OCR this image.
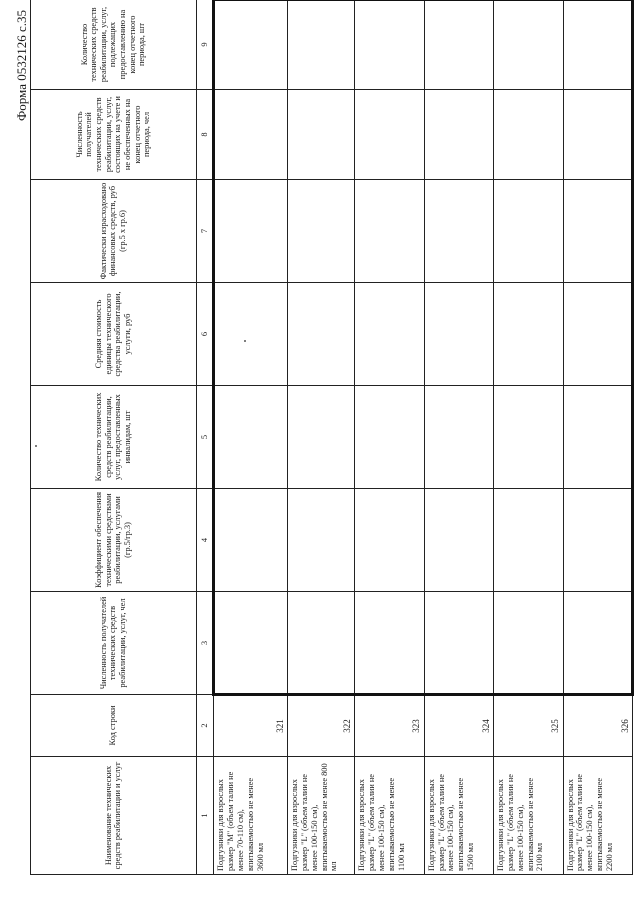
Форма 0532126 с.35
Наименование технических средств реабилитации и услуг	Код строки	Численность получателей технических средств реабилитации, услуг, чел	Коэффициент обеспечения техническими средствами реабилитации, услугами (гр.5/гр.3)	Количество технических средств реабилитации, услуг, предоставленных инвалидам, шт	Средняя стоимость единицы технического средства реабилитации, услуги, руб	Фактически израсходовано финансовых средств, руб (гр.5 х гр.6)	Численность получателей технических средств реабилитации, услуг, состоящих на учете и не обеспеченных на конец отчетного периода, чел	Количество технических средств реабилитации, услуг, подлежащих предоставлению на конец отчетного периода, шт
1	2	3	4	5	6	7	8	9
Подгузники для взрослых размер "M" (объем талии не менее 70-110 см), впитываемостью не менее 3600 мл	321							
Подгузники для взрослых размер "L" (объем талии не менее 100-150 см), впитываемостью не менее 800 мл	322							
Подгузники для взрослых размер "L" (объем талии не менее 100-150 см), впитываемостью не менее 1100 мл	323							
Подгузники для взрослых размер "L" (объем талии не менее 100-150 см), впитываемостью не менее 1500 мл	324							
Подгузники для взрослых размер "L" (объем талии не менее 100-150 см), впитываемостью не менее 2100 мл	325							
Подгузники для взрослых размер "L" (объем талии не менее 100-150 см), впитываемостью не менее 2200 мл	326							
